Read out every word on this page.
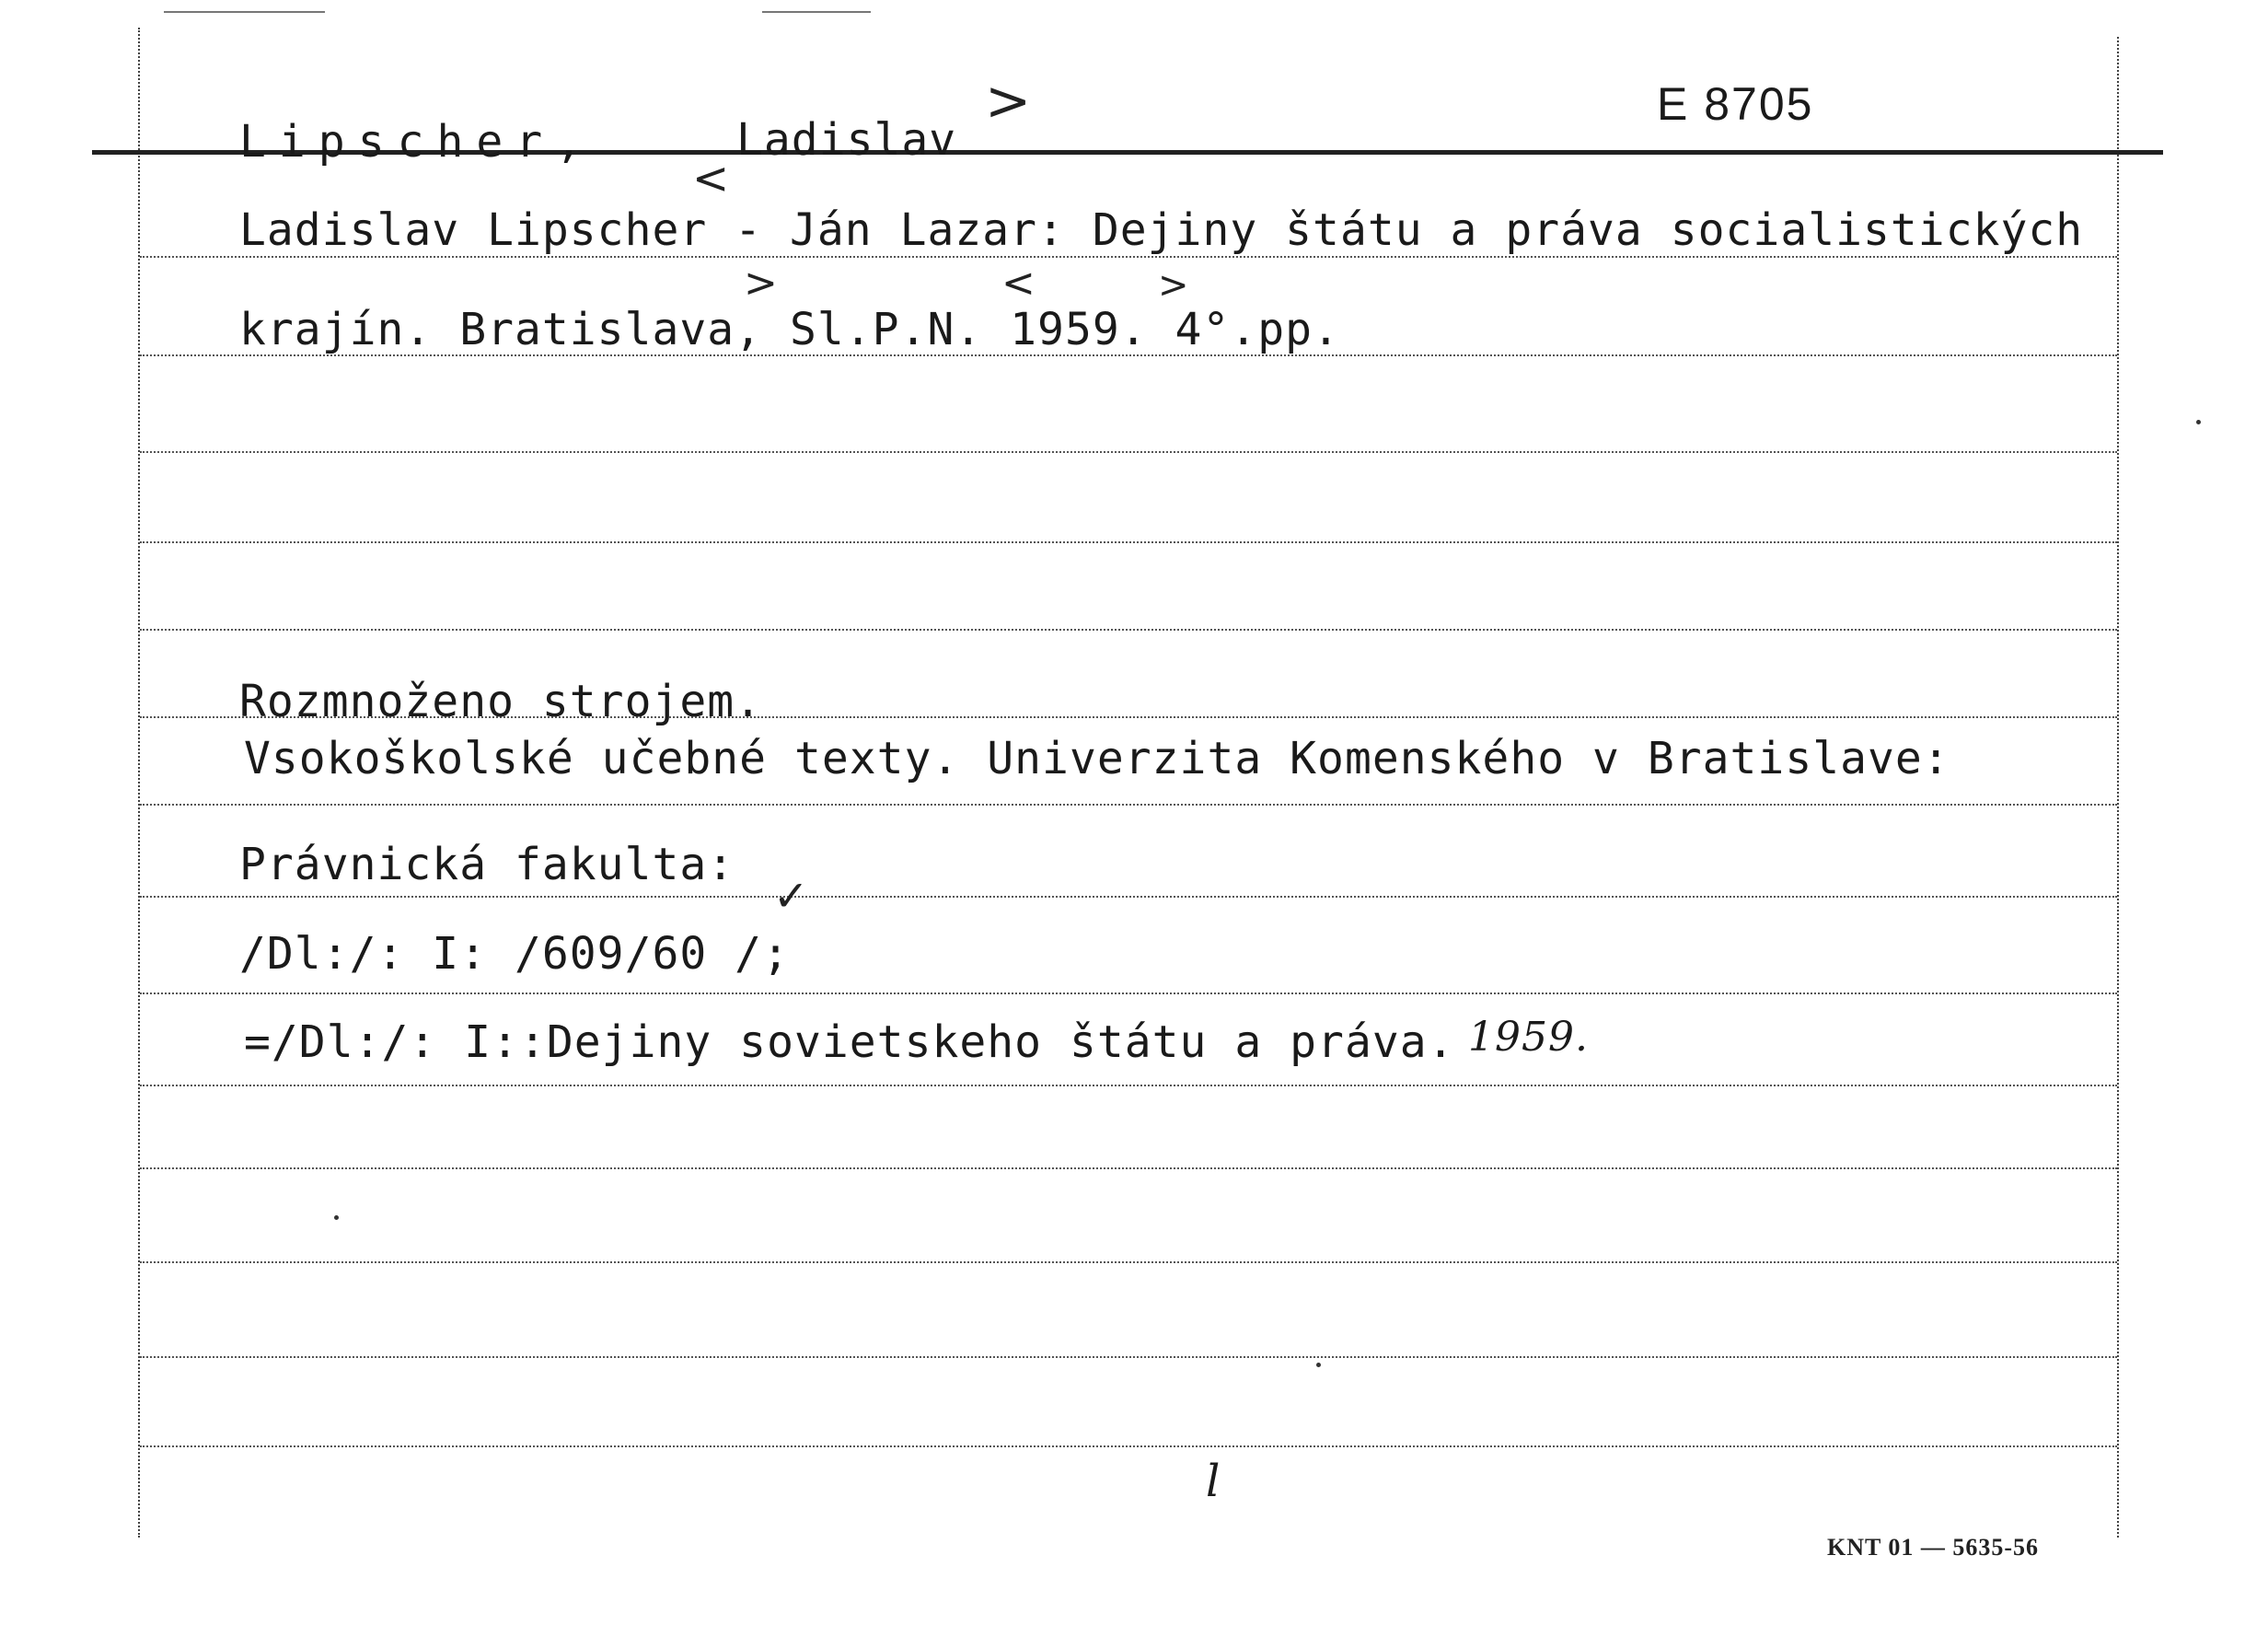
Lipscher,	Ladislav
>	E 8705
Ladislav Lipscher - Ján Lazar: Dejiny štátu a práva socialistických
<
krajín. Bratislava, Sl.P.N. 1959. 4°.pp.
>	<	>
Rozmnoženo strojem.
Vsokoškolské učebné texty. Univerzita Komenského v Bratislave:
Právnická fakulta:
/Dl:/: I: /609/60 /;
✓
=/Dl:/: I::Dejiny sovietskeho štátu a práva. 1959.
l
KNT 01 — 5635-56
